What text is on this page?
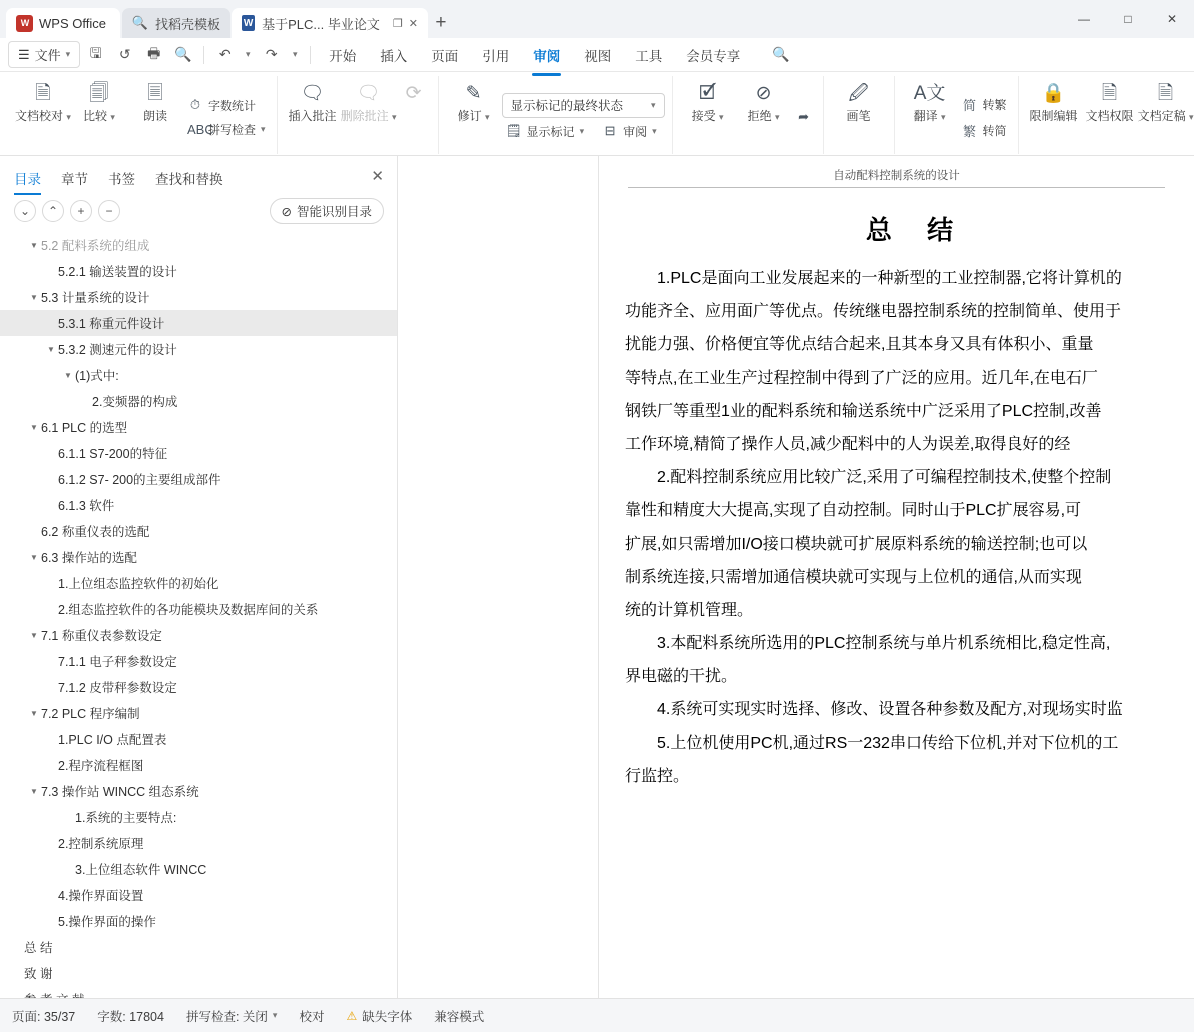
W WPS Office 🔍 找稻壳模板 W 基于PLC... 毕业论文 ❐ ✕ +	—	□	✕
☰ 文件 ▾	🖫	↺	🖶 🔍	↶	▾	↷	▾	开始	插入	页面	引用	审阅	视图	工具	会员专享	🔍
🗎
文档校对 ▾
🗐
比较 ▾
🗏
朗读
⏱ 字数统计
ABC
拼写检查 ▾
🗨
插入批注
🗨
删除批注 ▾
⟳ ✎
修订 ▾
显示标记的最终状态	▾
🗒 显示标记 ▾ ⊟ 审阅 ▾
🗹
接受 ▾
⊘
拒绝 ▾ ➦
🖉
画笔
A文
翻译 ▾
简 转繁
繁 转简
🔒
限制编辑
🗎
文档权限
🗎
文档定稿 ▾
目录 章节 书签 查找和替换	✕
⌄	⌃	+	−	⊘ 智能识别目录
▼ 5.2 配料系统的组成
5.2.1 输送装置的设计
▼ 5.3 计量系统的设计
5.3.1 称重元件设计
▼ 5.3.2 测速元件的设计
▼ (1)式中:
2.变频器的构成
▼ 6.1 PLC 的选型
6.1.1 S7-200的特征
6.1.2 S7- 200的主要组成部件
6.1.3 软件
6.2 称重仪表的选配
▼ 6.3 操作站的选配
1.上位组态监控软件的初始化
2.组态监控软件的各功能模块及数据库间的关系
▼ 7.1 称重仪表参数设定
7.1.1 电子秤参数设定
7.1.2 皮带秤参数设定
▼ 7.2 PLC 程序编制
1.PLC I/O 点配置表
2.程序流程框图
▼ 7.3 操作站 WINCC 组态系统
1.系统的主要特点:
2.控制系统原理
3.上位组态软件 WINCC
4.操作界面设置
5.操作界面的操作
总 结
致 谢
自动配料控制系统的设计
总 结

1.PLC是面向工业发展起来的一种新型的工业控制器,它将计算机的

功能齐全、应用面广等优点。传统继电器控制系统的控制简单、使用于

扰能力强、价格便宜等优点结合起来,且其本身又具有体积小、重量

等特点,在工业生产过程控制中得到了广泛的应用。近几年,在电石厂

钢铁厂等重型1业的配料系统和输送系统中广泛采用了PLC控制,改善

工作环境,精简了操作人员,减少配料中的人为误差,取得良好的经

2.配料控制系统应用比较广泛,采用了可编程控制技术,使整个控制

靠性和精度大大提高,实现了自动控制。同时山于PLC扩展容易,可

扩展,如只需增加I/O接口模块就可扩展原料系统的输送控制;也可以

制系统连接,只需增加通信模块就可实现与上位机的通信,从而实现

统的计算机管理。

3.本配料系统所选用的PLC控制系统与单片机系统相比,稳定性高,

界电磁的干扰。

4.系统可实现实时选择、修改、设置各种参数及配方,对现场实时监

5.上位机使用PC机,通过RS一232串口传给下位机,并对下位机的工

行监控。

页面: 35/37 字数: 17804 拼写检查: 关闭 ▾ 校对 ⚠ 缺失字体 兼容模式
